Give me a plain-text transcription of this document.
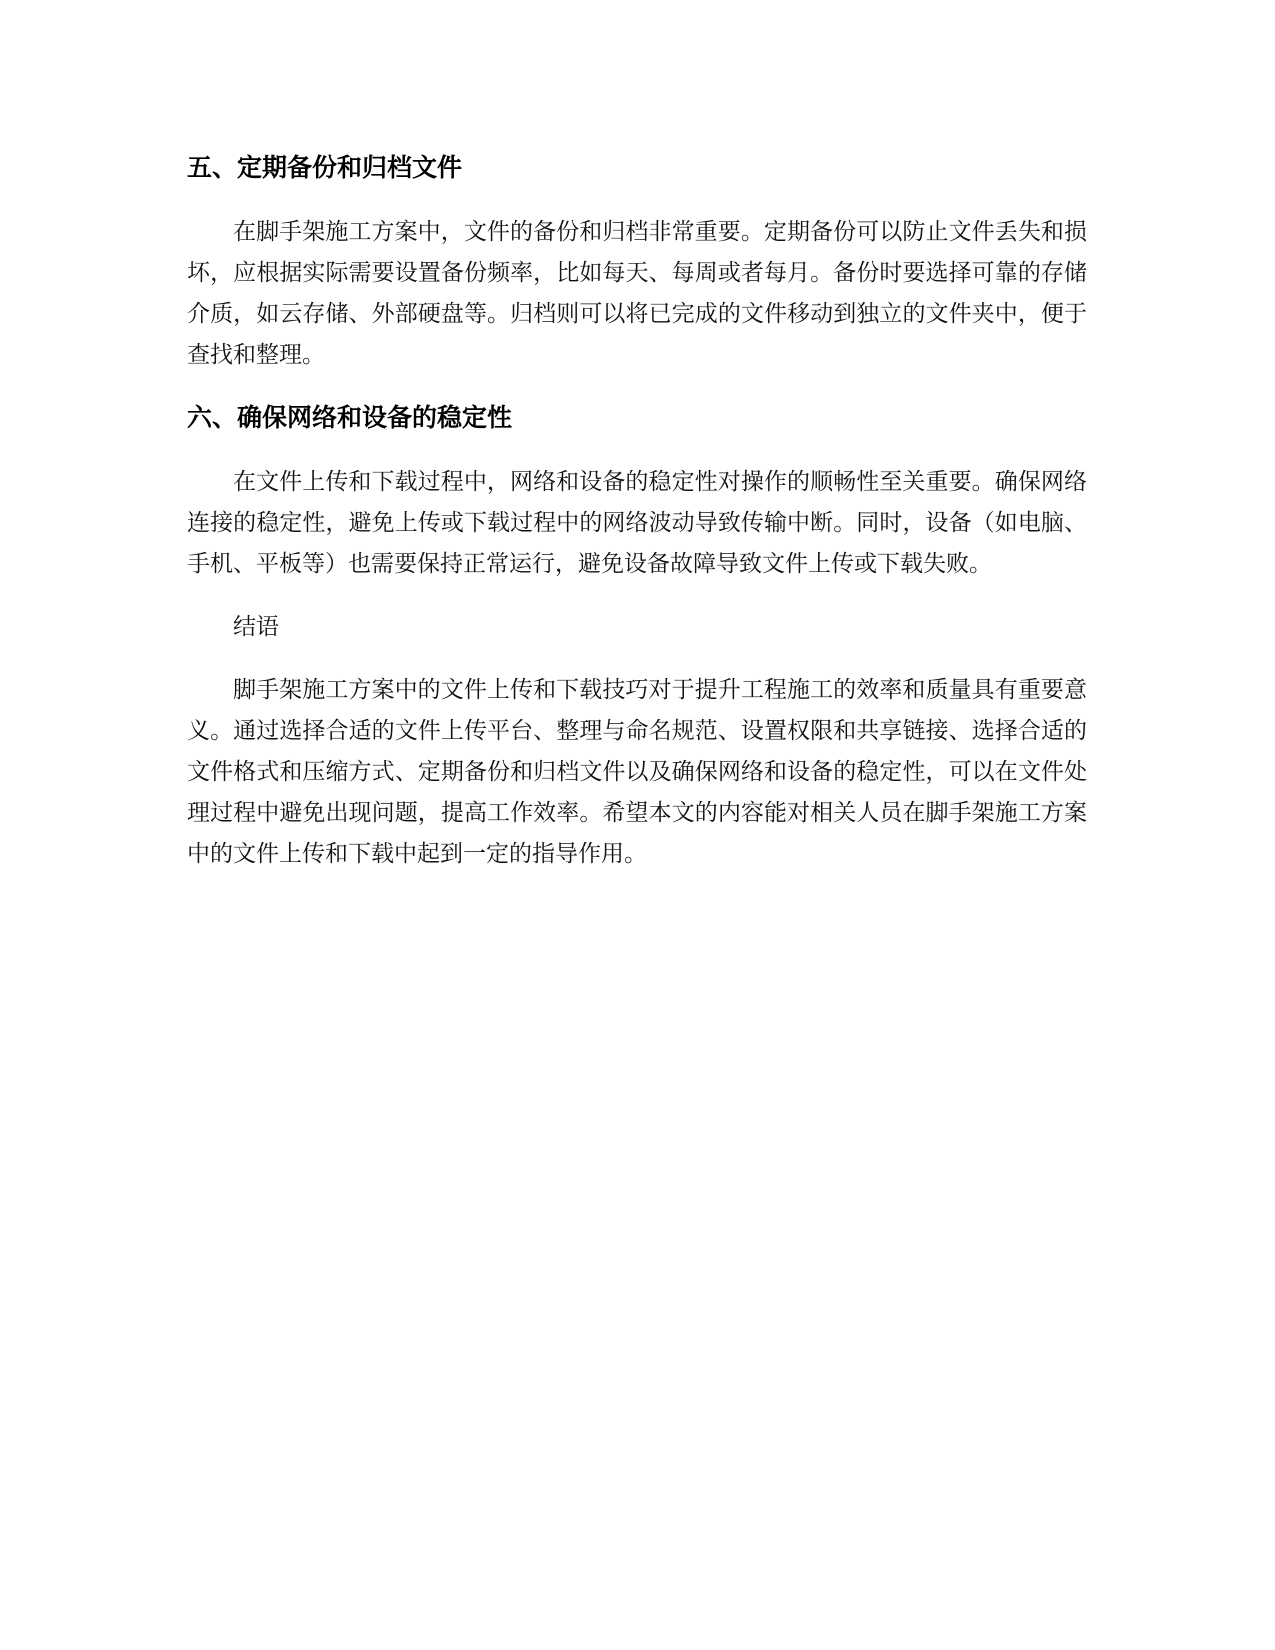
五、定期备份和归档文件

在脚手架施工方案中，文件的备份和归档非常重要。定期备份可以防止文件丢失和损坏，应根据实际需要设置备份频率，比如每天、每周或者每月。备份时要选择可靠的存储介质，如云存储、外部硬盘等。归档则可以将已完成的文件移动到独立的文件夹中，便于查找和整理。

六、确保网络和设备的稳定性

在文件上传和下载过程中，网络和设备的稳定性对操作的顺畅性至关重要。确保网络连接的稳定性，避免上传或下载过程中的网络波动导致传输中断。同时，设备（如电脑、手机、平板等）也需要保持正常运行，避免设备故障导致文件上传或下载失败。

结语

脚手架施工方案中的文件上传和下载技巧对于提升工程施工的效率和质量具有重要意义。通过选择合适的文件上传平台、整理与命名规范、设置权限和共享链接、选择合适的文件格式和压缩方式、定期备份和归档文件以及确保网络和设备的稳定性，可以在文件处理过程中避免出现问题，提高工作效率。希望本文的内容能对相关人员在脚手架施工方案中的文件上传和下载中起到一定的指导作用。
